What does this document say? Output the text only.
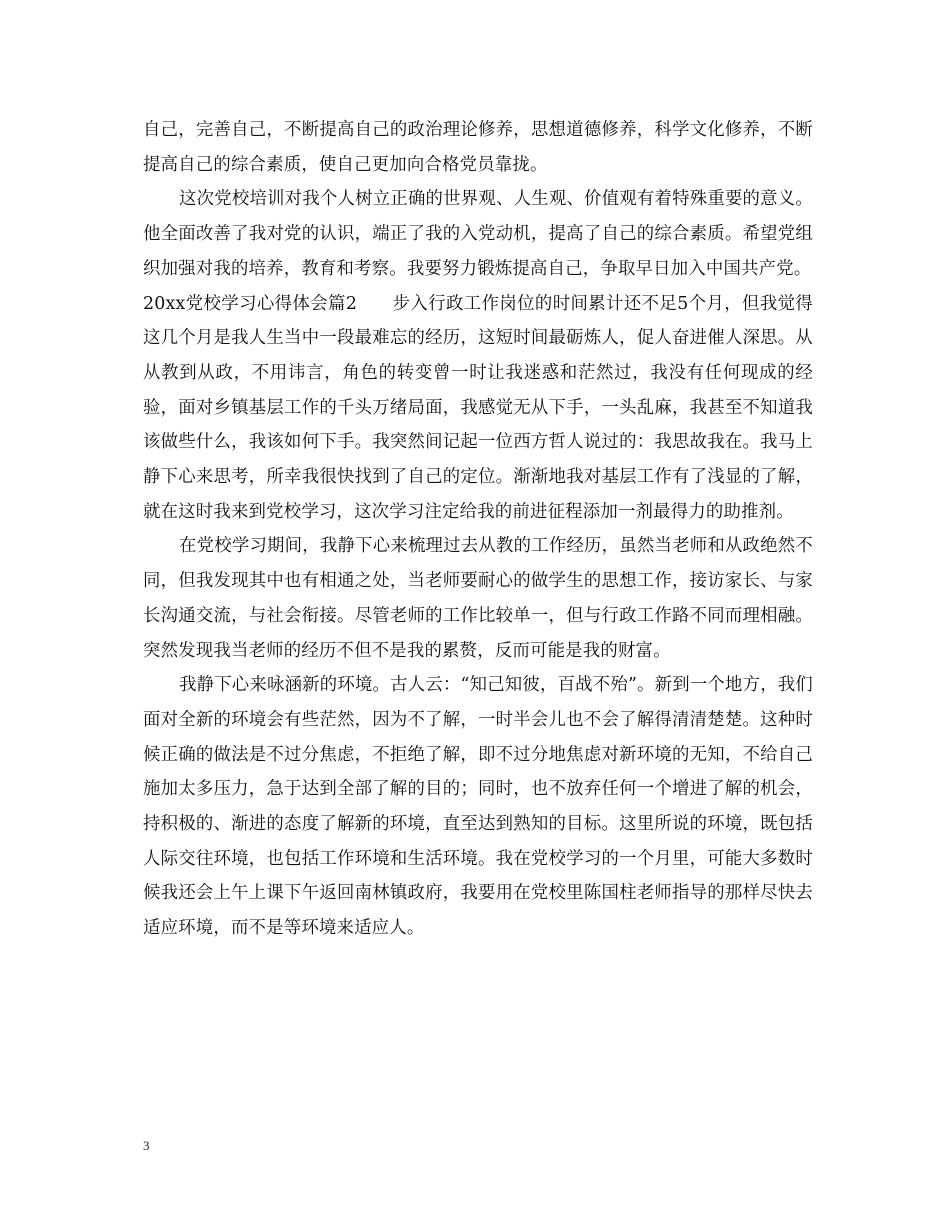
自己，完善自己，不断提高自己的政治理论修养，思想道德修养，科学文化修养，不断提高自己的综合素质，使自己更加向合格党员靠拢。

这次党校培训对我个人树立正确的世界观、人生观、价值观有着特殊重要的意义。他全面改善了我对党的认识，端正了我的入党动机，提高了自己的综合素质。希望党组织加强对我的培养，教育和考察。我要努力锻炼提高自己，争取早日加入中国共产党。

20xx党校学习心得体会篇2 步入行政工作岗位的时间累计还不足5个月，但我觉得这几个月是我人生当中一段最难忘的经历，这短时间最砺炼人，促人奋进催人深思。从从教到从政，不用讳言，角色的转变曾一时让我迷惑和茫然过，我没有任何现成的经验，面对乡镇基层工作的千头万绪局面，我感觉无从下手，一头乱麻，我甚至不知道我该做些什么，我该如何下手。我突然间记起一位西方哲人说过的：我思故我在。我马上静下心来思考，所幸我很快找到了自己的定位。渐渐地我对基层工作有了浅显的了解，就在这时我来到党校学习，这次学习注定给我的前进征程添加一剂最得力的助推剂。

在党校学习期间，我静下心来梳理过去从教的工作经历，虽然当老师和从政绝然不同，但我发现其中也有相通之处，当老师要耐心的做学生的思想工作，接访家长、与家长沟通交流，与社会衔接。尽管老师的工作比较单一，但与行政工作路不同而理相融。突然发现我当老师的经历不但不是我的累赘，反而可能是我的财富。

我静下心来咏涵新的环境。古人云：“知己知彼，百战不殆”。新到一个地方，我们面对全新的环境会有些茫然，因为不了解，一时半会儿也不会了解得清清楚楚。这种时候正确的做法是不过分焦虑，不拒绝了解，即不过分地焦虑对新环境的无知，不给自己施加太多压力，急于达到全部了解的目的；同时，也不放弃任何一个增进了解的机会，持积极的、渐进的态度了解新的环境，直至达到熟知的目标。这里所说的环境，既包括人际交往环境，也包括工作环境和生活环境。我在党校学习的一个月里，可能大多数时候我还会上午上课下午返回南林镇政府，我要用在党校里陈国柱老师指导的那样尽快去适应环境，而不是等环境来适应人。

3
